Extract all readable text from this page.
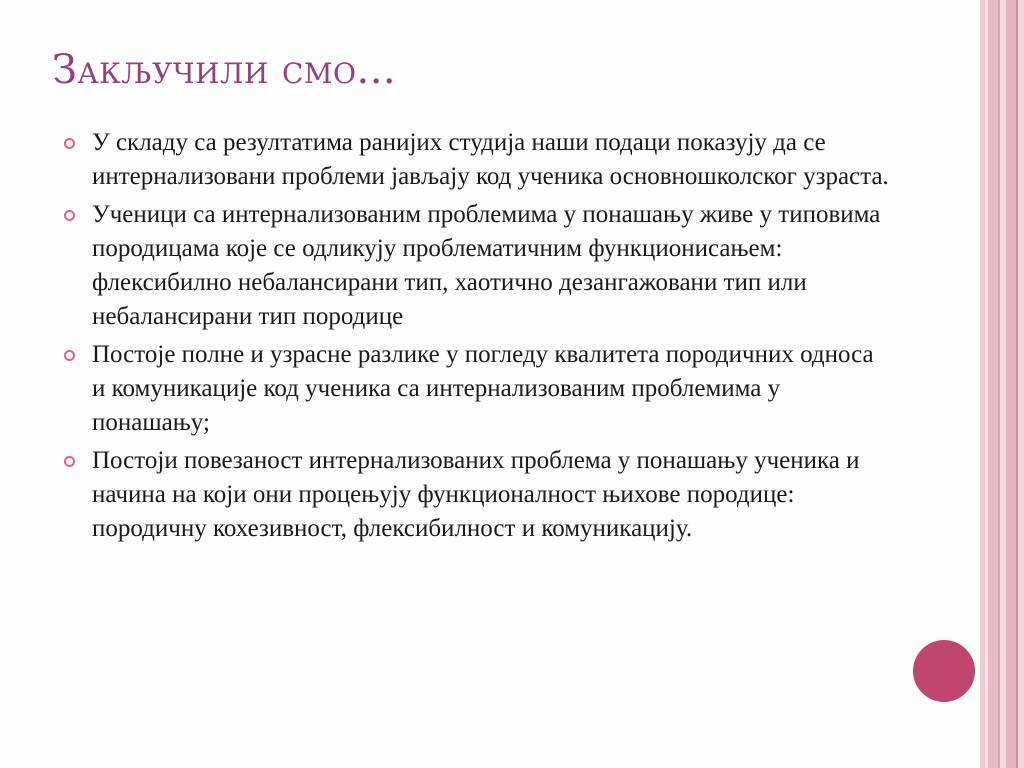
Закључили смо...
У складу са резултатима ранијих студија наши подаци показују да се интернализовани проблеми јављају код ученика основношколског узраста.
Ученици са интернализованим проблемима у понашању живе у типовима породицама које се одликују проблематичним функционисањем: флексибилно небалансирани тип, хаотично дезангажовани тип или небалансирани тип породице
Постоје полне и узрасне разлике у погледу квалитета породичних односа и комуникације код ученика са интернализованим проблемима у понашању;
Постоји повезаност интернализованих проблема у понашању ученика и начина на који они процењују функционалност њихове породице: породичну кохезивност, флексибилност и комуникацију.
